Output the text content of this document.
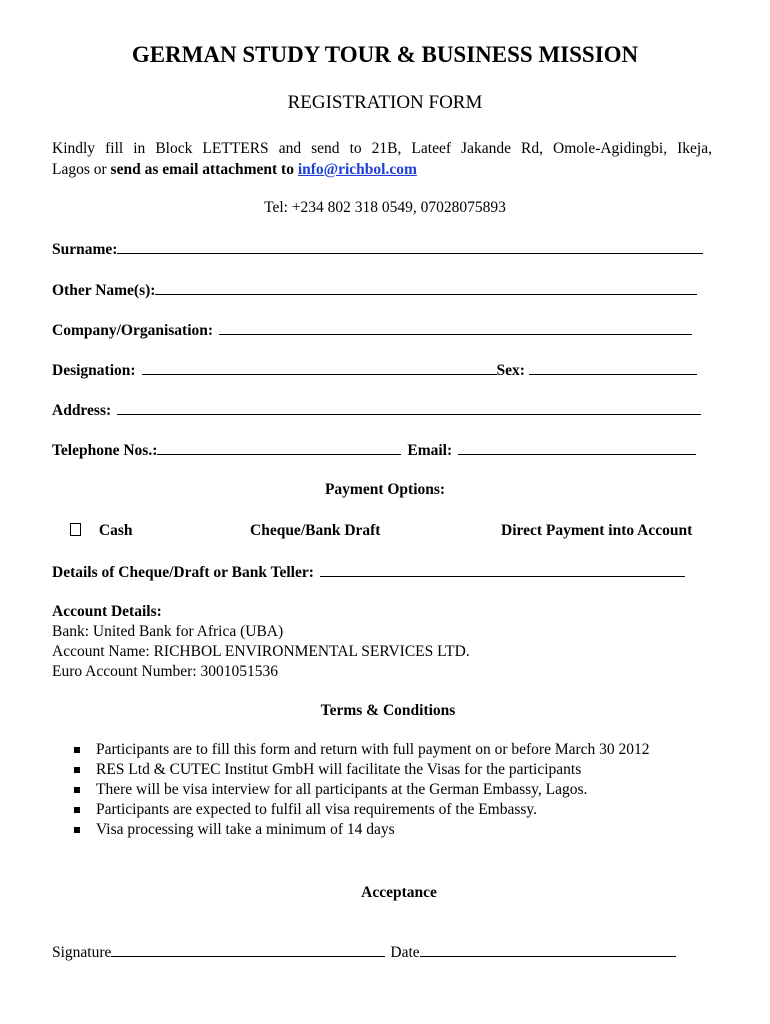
GERMAN STUDY TOUR & BUSINESS MISSION
REGISTRATION FORM
Kindly fill in Block LETTERS and send to 21B, Lateef Jakande Rd, Omole-Agidingbi, Ikeja,
Lagos or send as email attachment to info@richbol.com
Tel: +234 802 318 0549, 07028075893
Surname:
Other Name(s):
Company/Organisation:
Designation:	Sex:
Address:
Telephone Nos.:	Email:
Payment Options:
Cash	Cheque/Bank Draft	Direct Payment into Account
Details of Cheque/Draft or Bank Teller:
Account Details:
Bank: United Bank for Africa (UBA)
Account Name: RICHBOL ENVIRONMENTAL SERVICES LTD.
Euro Account Number: 3001051536
Terms & Conditions
Participants are to fill this form and return with full payment on or before March 30 2012
RES Ltd & CUTEC Institut GmbH will facilitate the Visas for the participants
There will be visa interview for all participants at the German Embassy, Lagos.
Participants are expected to fulfil all visa requirements of the Embassy.
Visa processing will take a minimum of 14 days
Acceptance
Signature	Date
